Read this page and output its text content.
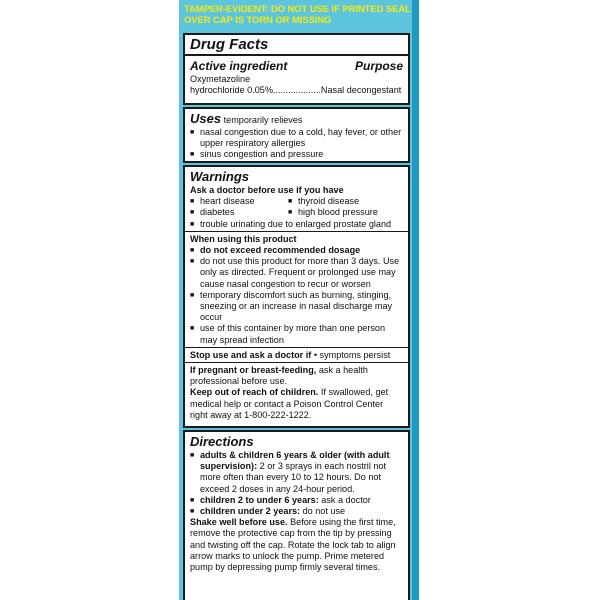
TAMPER-EVIDENT: DO NOT USE IF PRINTED SEAL OVER CAP IS TORN OR MISSING
Drug Facts
Active ingredient	Purpose
Oxymetazoline
hydrochloride 0.05%...................Nasal decongestant
Uses temporarily relieves
■ nasal congestion due to a cold, hay fever, or other upper respiratory allergies
■ sinus congestion and pressure
Warnings
Ask a doctor before use if you have
■ heart disease	■ thyroid disease
■ diabetes	■ high blood pressure
■ trouble urinating due to enlarged prostate gland
When using this product
■ do not exceed recommended dosage
■ do not use this product for more than 3 days. Use only as directed. Frequent or prolonged use may cause nasal congestion to recur or worsen
■ temporary discomfort such as burning, stinging, sneezing or an increase in nasal discharge may occur
■ use of this container by more than one person may spread infection
Stop use and ask a doctor if • symptoms persist
If pregnant or breast-feeding, ask a health professional before use.
Keep out of reach of children. If swallowed, get medical help or contact a Poison Control Center right away at 1-800-222-1222.
Directions
■ adults & children 6 years & older (with adult supervision): 2 or 3 sprays in each nostril not more often than every 10 to 12 hours. Do not exceed 2 doses in any 24-hour period.
■ children 2 to under 6 years: ask a doctor
■ children under 2 years: do not use
Shake well before use. Before using the first time, remove the protective cap from the tip by pressing and twisting off the cap. Rotate the lock tab to align arrow marks to unlock the pump. Prime metered pump by depressing pump firmly several times.
